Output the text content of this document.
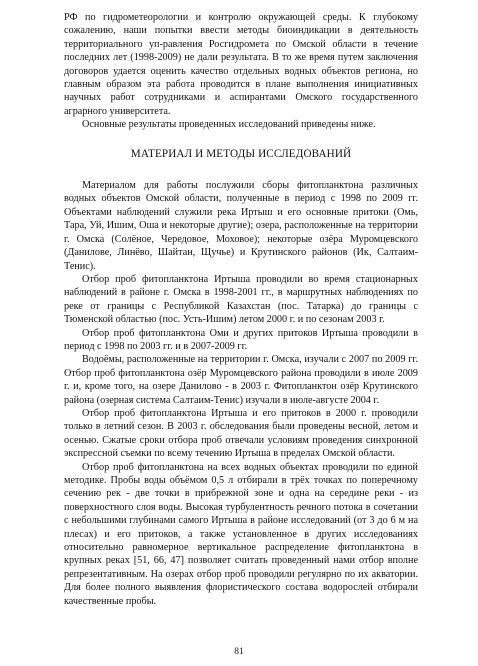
РФ по гидрометеорологии и контролю окружающей среды. К глубокому сожалению, наши попытки ввести методы биоиндикации в деятельность территориального уп-равления Росгидромета по Омской области в течение последних лет (1998-2009) не дали результата. В то же время путем заключения договоров удается оценить качество отдельных водных объектов региона, но главным образом эта работа проводится в плане выполнения инициативных научных работ сотрудниками и аспирантами Омского государственного аграрного университета.

Основные результаты проведенных исследований приведены ниже.

МАТЕРИАЛ И МЕТОДЫ ИССЛЕДОВАНИЙ

Материалом для работы послужили сборы фитопланктона различных водных объектов Омской области, полученные в период с 1998 по 2009 гг. Объектами наблюдений служили река Иртыш и его основные притоки (Омь, Тара, Уй, Ишим, Оша и некоторые другие); озера, расположенные на территории г. Омска (Солёное, Чередовое, Моховое); некоторые озёра Муромцевского (Данилове, Линёво, Шайтан, Щучье) и Крутинского районов (Ик, Салтаим-Тенис).

Отбор проб фитопланктона Иртыша проводили во время стационарных наблюдений в районе г. Омска в 1998-2001 гг., в маршрутных наблюдениях по реке от границы с Республикой Казахстан (пос. Татарка) до границы с Тюменской областью (пос. Усть-Ишим) летом 2000 г. и по сезонам 2003 г.

Отбор проб фитопланктона Оми и других притоков Иртыша проводили в период с 1998 по 2003 гг. и в 2007-2009 гг.

Водоёмы, расположенные на территории г. Омска, изучали с 2007 по 2009 гг. Отбор проб фитопланктона озёр Муромцевского района проводили в июле 2009 г. и, кроме того, на озере Данилово - в 2003 г. Фитопланктон озёр Крутинского района (озерная система Салтаим-Тенис) изучали в июле-августе 2004 г.

Отбор проб фитопланктона Иртыша и его притоков в 2000 г. проводили только в летний сезон. В 2003 г. обследования были проведены весной, летом и осенью. Сжатые сроки отбора проб отвечали условиям проведения синхронной экспрессной съемки по всему течению Иртыша в пределах Омской области.

Отбор проб фитопланктона на всех водных объектах проводили по единой методике. Пробы воды объёмом 0,5 л отбирали в трёх точках по поперечному сечению рек - две точки в прибрежной зоне и одна на середине реки - из поверхностного слоя воды. Высокая турбулентность речного потока в сочетании с небольшими глубинами самого Иртыша в районе исследований (от 3 до 6 м на плесах) и его притоков, а также установленное в других исследованиях относительно равномерное вертикальное распределение фитопланктона в крупных реках [51, 66, 47] позволяет считать проведенный нами отбор вполне репрезентативным. На озерах отбор проб проводили регулярно по их акватории. Для более полного выявления флористического состава водорослей отбирали качественные пробы.

81
